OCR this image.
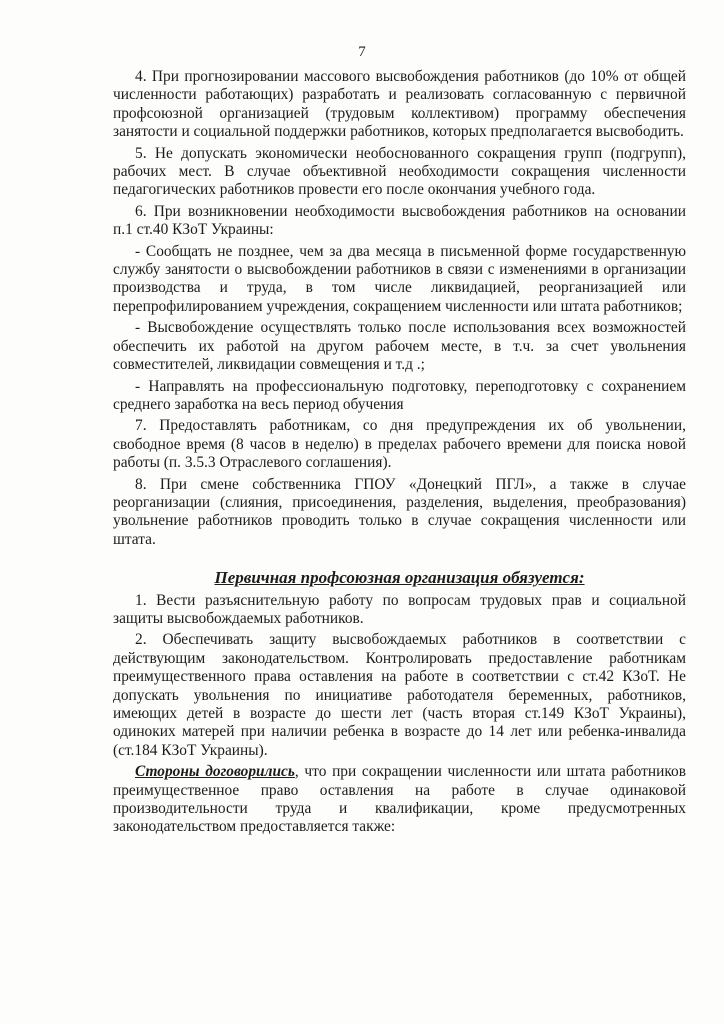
7

4. При прогнозировании массового высвобождения работников (до 10% от общей численности работающих) разработать и реализовать согласованную с первичной профсоюзной организацией (трудовым коллективом) программу обеспечения занятости и социальной поддержки работников, которых предполагается высвободить.

5. Не допускать экономически необоснованного сокращения групп (подгрупп), рабочих мест. В случае объективной необходимости сокращения численности педагогических работников провести его после окончания учебного года.

6. При возникновении необходимости высвобождения работников на основании п.1 ст.40 КЗоТ Украины:

- Сообщать не позднее, чем за два месяца в письменной форме государственную службу занятости о высвобождении работников в связи с изменениями в организации производства и труда, в том числе ликвидацией, реорганизацией или перепрофилированием учреждения, сокращением численности или штата работников;

- Высвобождение осуществлять только после использования всех возможностей обеспечить их работой на другом рабочем месте, в т.ч. за счет увольнения совместителей, ликвидации совмещения и т.д .;

- Направлять на профессиональную подготовку, переподготовку с сохранением среднего заработка на весь период обучения

7. Предоставлять работникам, со дня предупреждения их об увольнении, свободное время (8 часов в неделю) в пределах рабочего времени для поиска новой работы (п. 3.5.3 Отраслевого соглашения).

8. При смене собственника ГПОУ «Донецкий ПГЛ», а также в случае реорганизации (слияния, присоединения, разделения, выделения, преобразования) увольнение работников проводить только в случае сокращения численности или штата.

Первичная профсоюзная организация обязуется:

1. Вести разъяснительную работу по вопросам трудовых прав и социальной защиты высвобождаемых работников.

2. Обеспечивать защиту высвобождаемых работников в соответствии с действующим законодательством. Контролировать предоставление работникам преимущественного права оставления на работе в соответствии с ст.42 КЗоТ. Не допускать увольнения по инициативе работодателя беременных, работников, имеющих детей в возрасте до шести лет (часть вторая ст.149 КЗоТ Украины), одиноких матерей при наличии ребенка в возрасте до 14 лет или ребенка-инвалида (ст.184 КЗоТ Украины).

Стороны договорились, что при сокращении численности или штата работников преимущественное право оставления на работе в случае одинаковой производительности труда и квалификации, кроме предусмотренных законодательством предоставляется также:
